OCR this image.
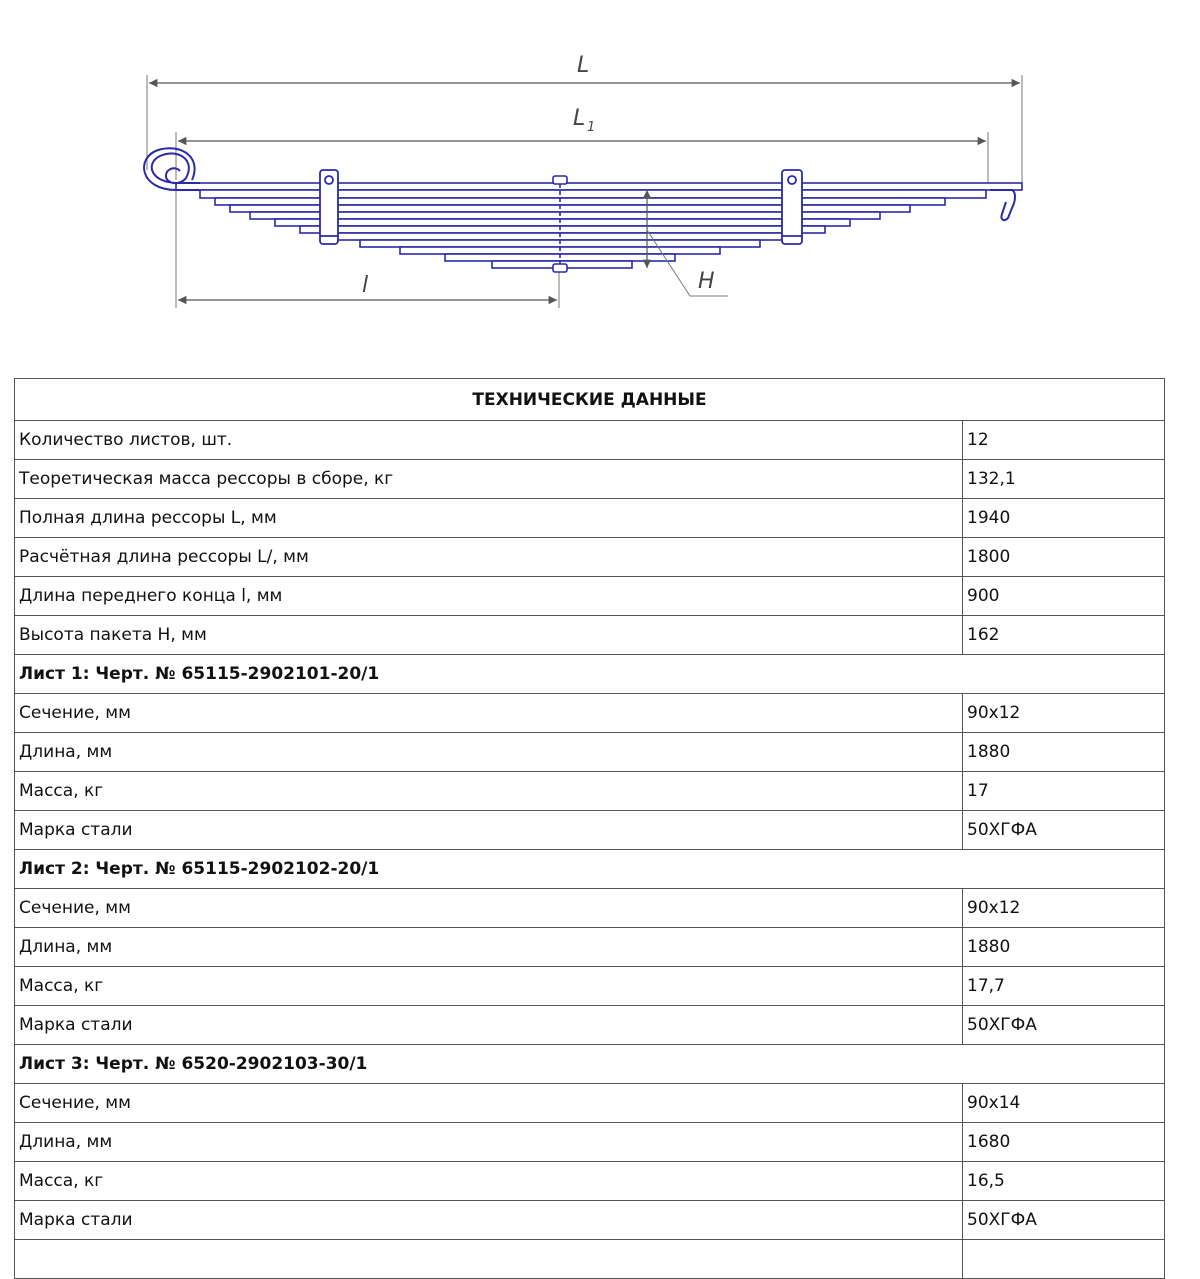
L
L 1
l	H
ТЕХНИЧЕСКИЕ ДАННЫЕ	
Количество листов, шт.	12
Теоретическая масса рессоры в сборе, кг	132,1
Полная длина рессоры L, мм	1940
Расчётная длина рессоры L/, мм	1800
Длина переднего конца l, мм	900
Высота пакета H, мм	162
Лист 1: Черт. № 65115-2902101-20/1	
Сечение, мм	90х12
Длина, мм	1880
Масса, кг	17
Марка стали	50ХГФА
Лист 2: Черт. № 65115-2902102-20/1	
Сечение, мм	90х12
Длина, мм	1880
Масса, кг	17,7
Марка стали	50ХГФА
Лист 3: Черт. № 6520-2902103-30/1	
Сечение, мм	90х14
Длина, мм	1680
Масса, кг	16,5
Марка стали	50ХГФА
